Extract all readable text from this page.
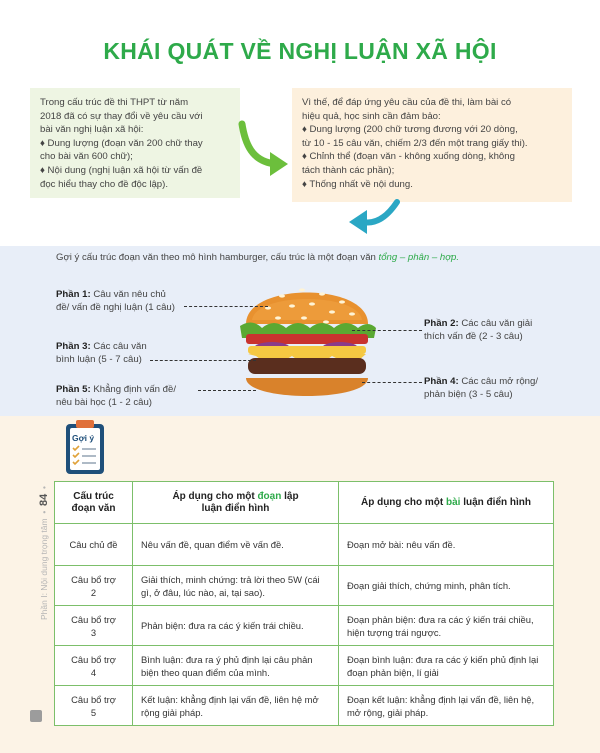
KHÁI QUÁT VỀ NGHỊ LUẬN XÃ HỘI

Trong cấu trúc đề thi THPT từ năm

2018 đã có sự thay đổi về yêu cầu với

bài văn nghị luận xã hội:

♦ Dung lượng (đoạn văn 200 chữ thay

cho bài văn 600 chữ);

♦ Nội dung (nghị luận xã hội từ vấn đề

đọc hiểu thay cho đề độc lập).

Vì thế, để đáp ứng yêu cầu của đề thi, làm bài có

hiệu quả, học sinh cần đảm bảo:

♦ Dung lượng (200 chữ tương đương với 20 dòng,

từ 10 - 15 câu văn, chiếm 2/3 đến một trang giấy thi).

♦ Chỉnh thể (đoạn văn - không xuống dòng, không

tách thành các phần);

♦ Thống nhất về nội dung.

Gợi ý cấu trúc đoạn văn theo mô hình hamburger, cấu trúc là một đoạn văn tổng – phân – hợp.
Phần 1: Câu văn nêu chủ
đề/ vấn đề nghị luận (1 câu)
Phần 2: Các câu văn giải
thích vấn đề (2 - 3 câu)
Phần 3: Các câu văn
bình luận (5 - 7 câu)
Phần 4: Các câu mở rộng/
phản biện (3 - 5 câu)
Phần 5: Khẳng định vấn đề/
nêu bài học (1 - 2 câu)
Phần I: Nội dung trọng tâm  •  84  •
Gợi ý
Cấu trúc
đoạn văn	Áp dụng cho một đoạn lập
luận điển hình	Áp dụng cho một bài luận điển hình
Câu chủ đề	Nêu vấn đề, quan điểm về vấn đề.	Đoạn mở bài: nêu vấn đề.
Câu bổ trợ
2	Giải thích, minh chứng: trả lời theo 5W (cái gì, ở đâu, lúc nào, ai, tại sao).	Đoạn giải thích, chứng minh, phân tích.
Câu bổ trợ
3	Phản biện: đưa ra các ý kiến trái chiều.	Đoạn phản biện: đưa ra các ý kiến trái chiều, hiện tượng trái ngược.
Câu bổ trợ
4	Bình luận: đưa ra ý phủ định lại câu phản biện theo quan điểm của mình.	Đoạn bình luận: đưa ra các ý kiến phủ định lại đoạn phản biện, lí giải
Câu bổ trợ
5	Kết luận: khẳng định lại vấn đề, liên hệ mở rộng giải pháp.	Đoạn kết luận: khẳng định lại vấn đề, liên hệ, mở rộng, giải pháp.
